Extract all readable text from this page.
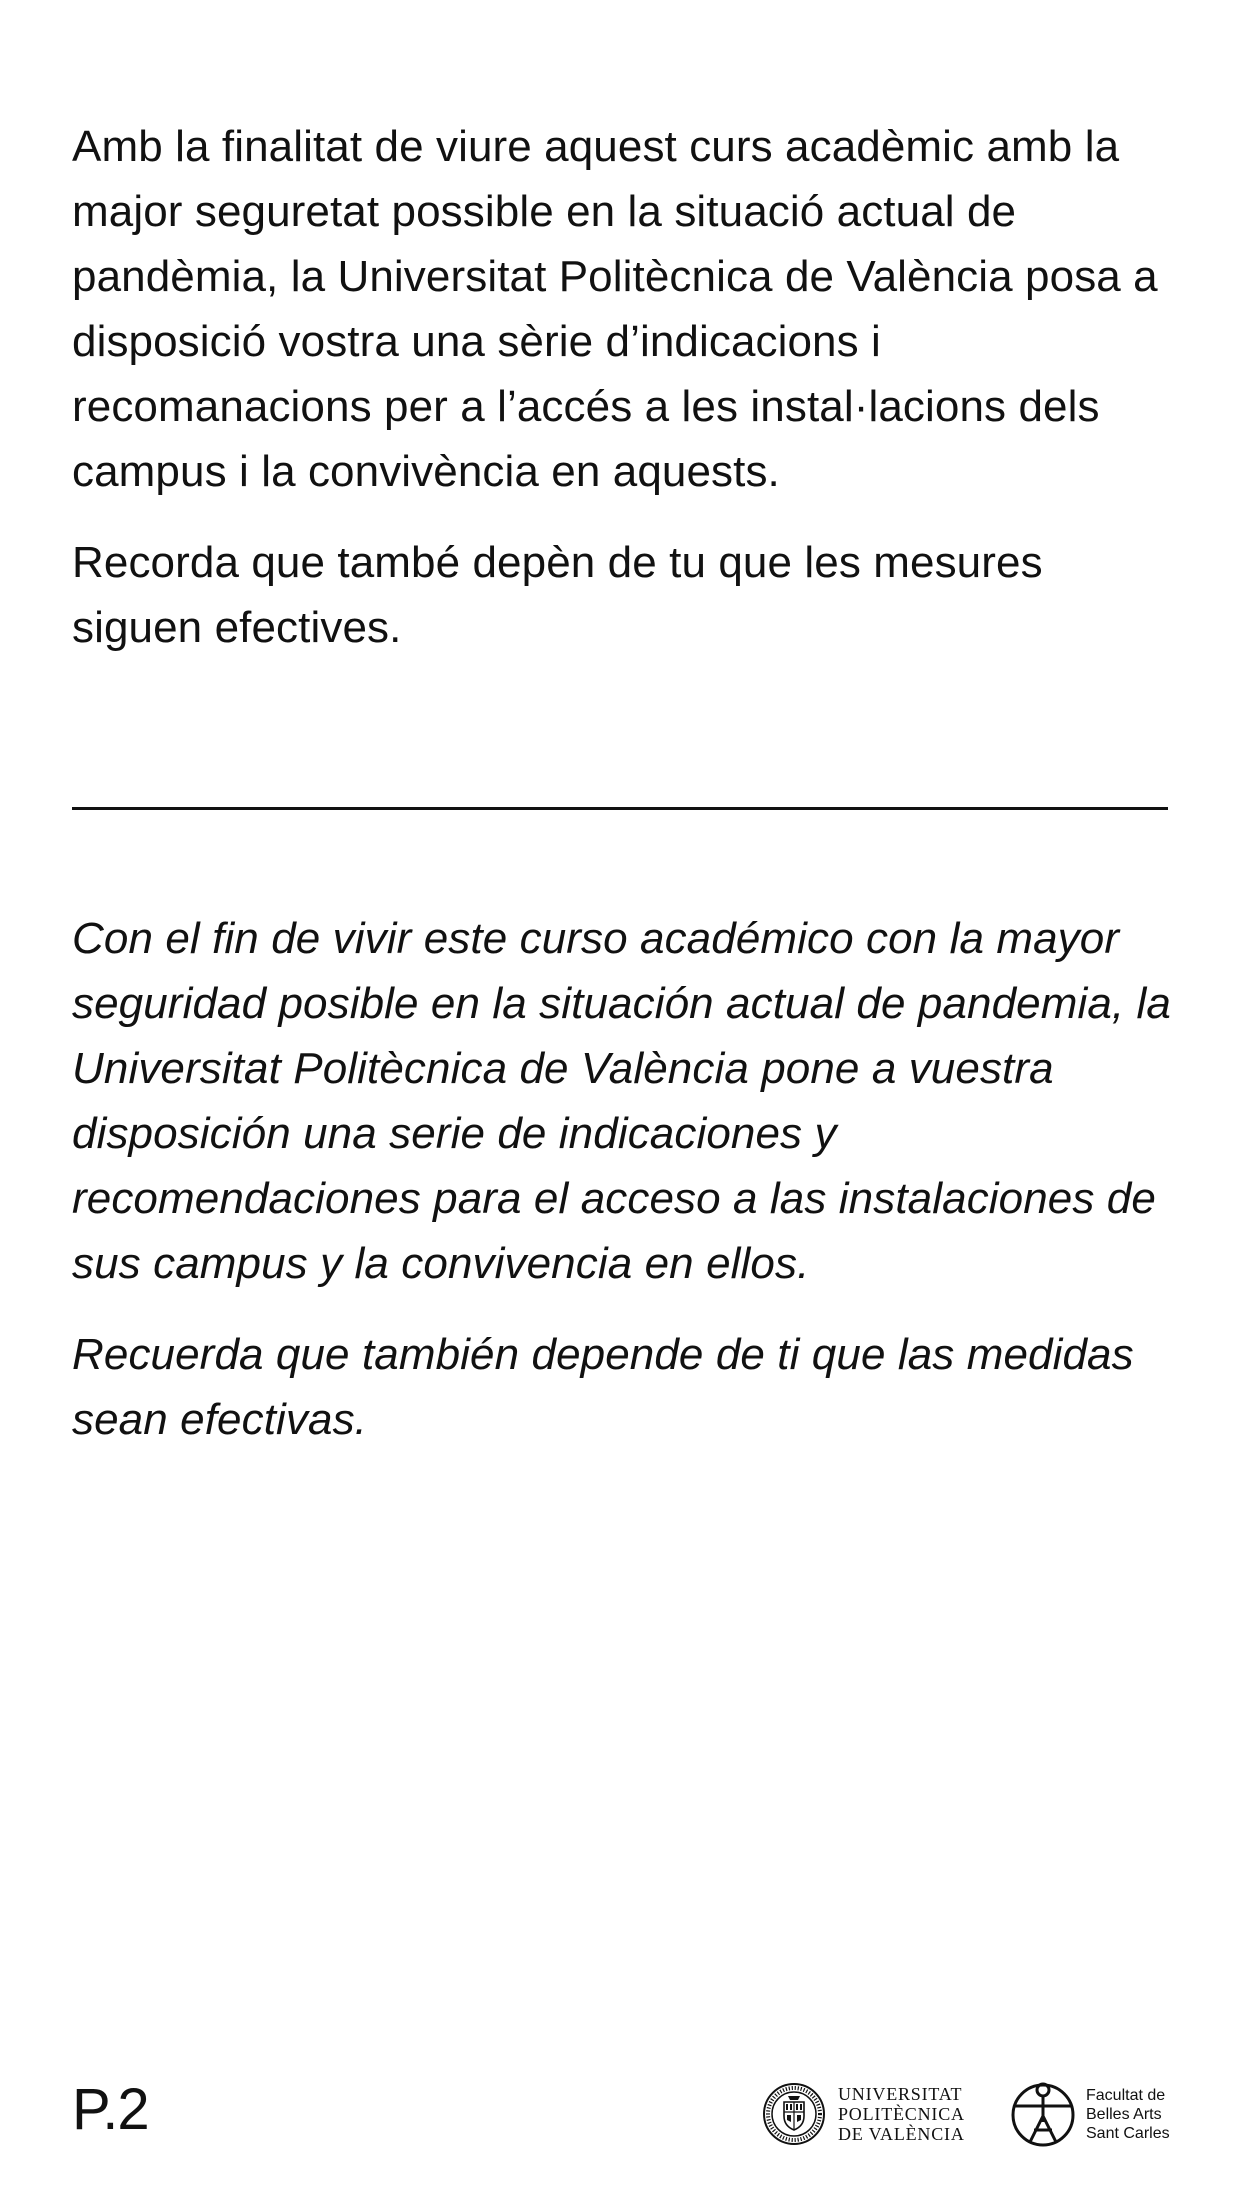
Amb la finalitat de viure aquest curs acadèmic amb la major seguretat possible en la situació actual de pandèmia, la Universitat Politècnica de València posa a disposició vostra una sèrie d’indicacions i recomanacions per a l’accés a les instal·lacions dels campus i la convivència en aquests.

Recorda que també depèn de tu que les mesures siguen efectives.

Con el fin de vivir este curso académico con la mayor seguridad posible en la situación actual de pandemia, la Universitat Politècnica de València pone a vuestra disposición una serie de indicaciones y recomendaciones para el acceso a las instalaciones de sus campus y la convivencia en ellos.

Recuerda que también depende de ti que las medidas sean efectivas.

P.2	UNIVERSITAT
POLITÈCNICA
DE VALÈNCIA
Facultat de
Belles Arts
Sant Carles
